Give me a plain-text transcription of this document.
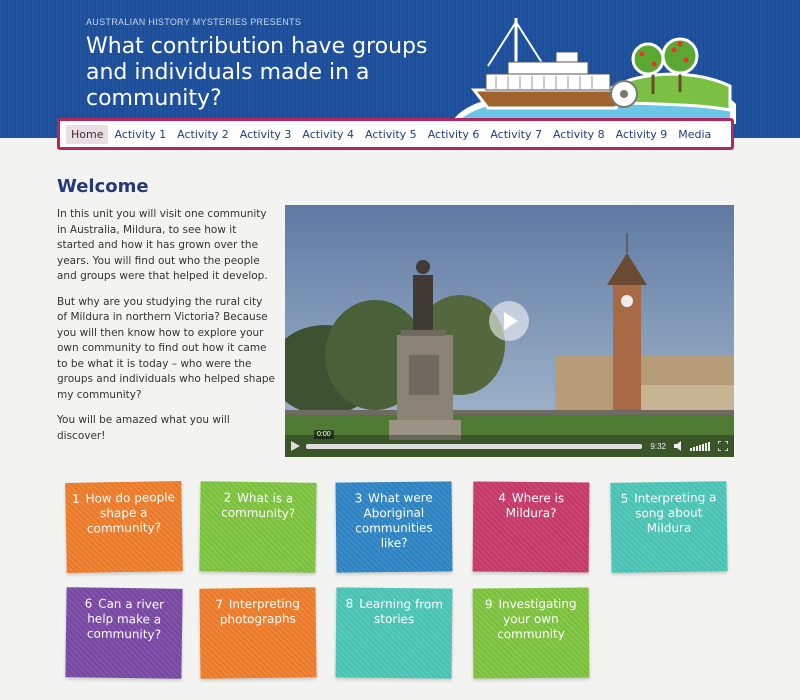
AUSTRALIAN HISTORY MYSTERIES PRESENTS
What contribution have groups and individuals made in a community?
Home	Activity 1	Activity 2	Activity 3	Activity 4	Activity 5	Activity 6	Activity 7	Activity 8	Activity 9	Media
Welcome

In this unit you will visit one community in Australia, Mildura, to see how it started and how it has grown over the years. You will find out who the people and groups were that helped it develop.

But why are you studying the rural city of Mildura in northern Victoria? Because you will then know how to explore your own community to find out how it came to be what it is today – who were the groups and individuals who helped shape my community?

You will be amazed what you will discover!	0:00
9:32
1 How do people shape a community?
2 What is a community?
3 What were Aboriginal communities like?
4 Where is Mildura?
5 Interpreting a song about Mildura
6 Can a river help make a community?
7 Interpreting photographs
8 Learning from stories
9 Investigating your own community
